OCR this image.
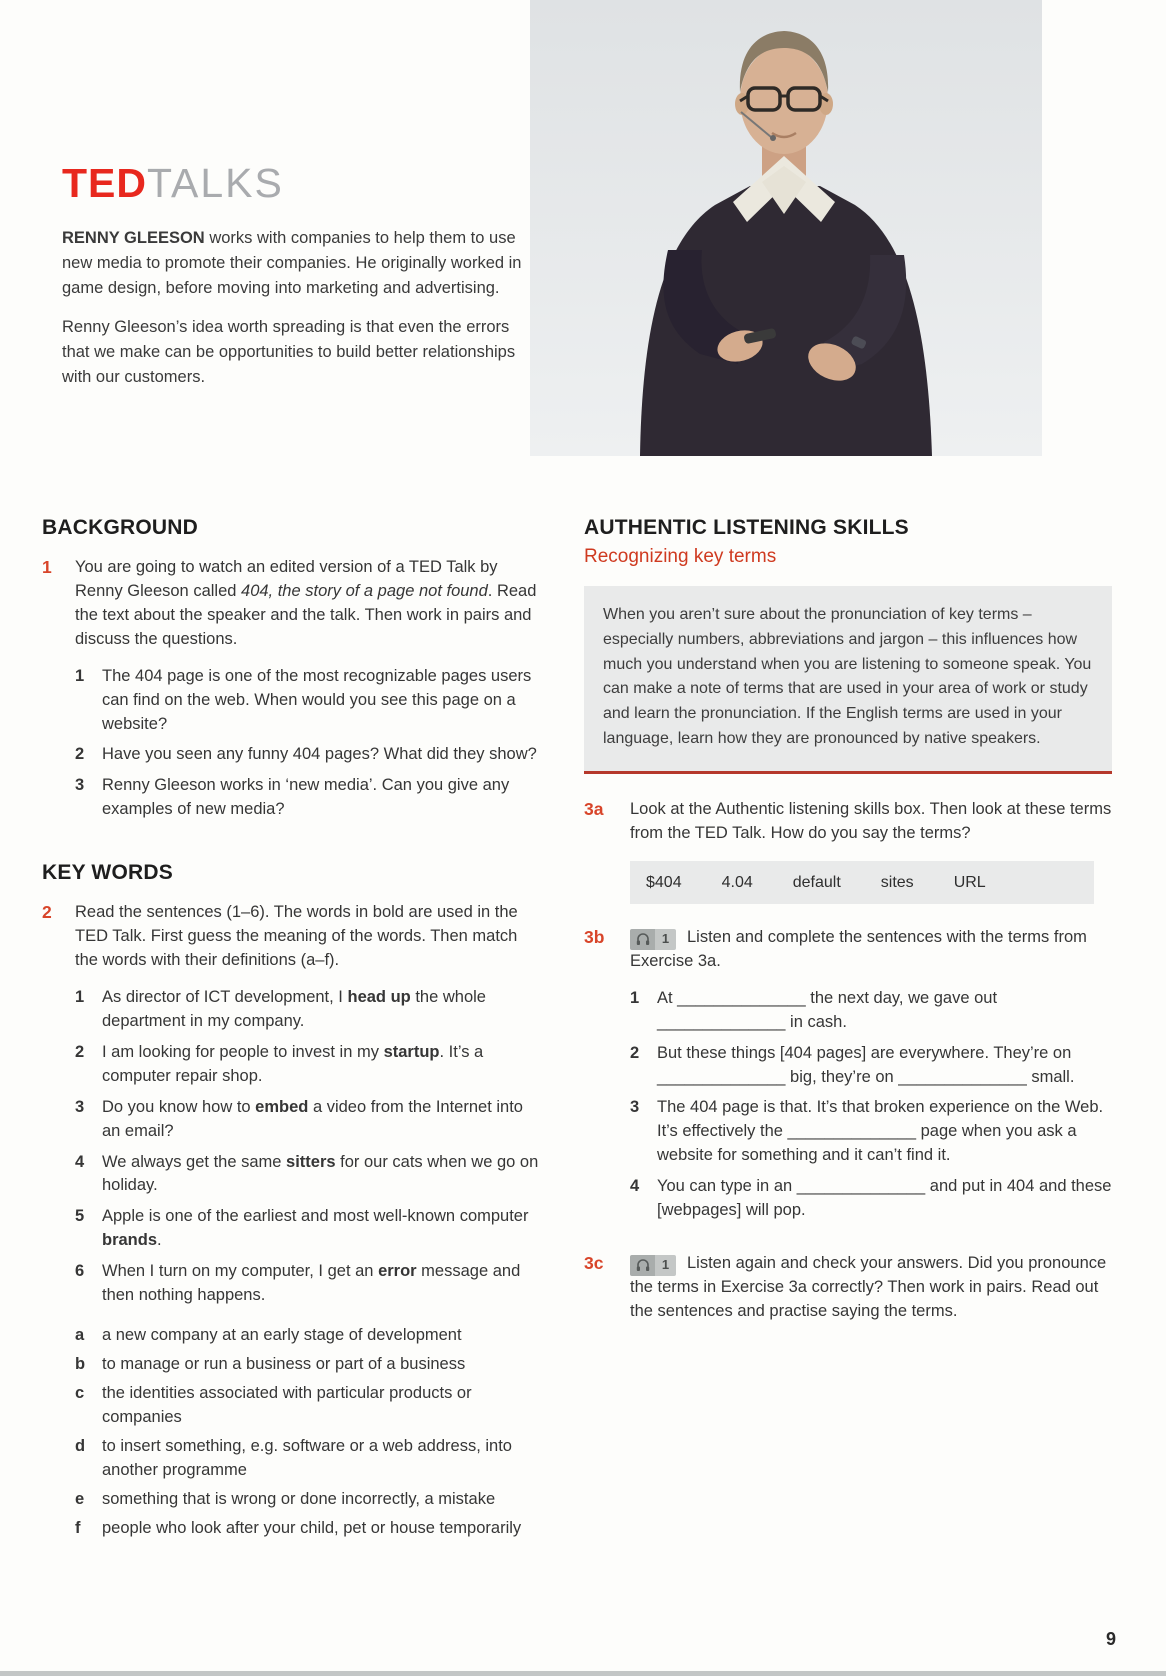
TEDTALKS

RENNY GLEESON works with companies to help them to use new media to promote their companies. He originally worked in game design, before moving into marketing and advertising.

Renny Gleeson’s idea worth spreading is that even the errors that we make can be opportunities to build better relationships with our customers.

BACKGROUND
1	You are going to watch an edited version of a TED Talk by Renny Gleeson called 404, the story of a page not found. Read the text about the speaker and the talk. Then work in pairs and discuss the questions.

1	The 404 page is one of the most recognizable pages users can find on the web. When would you see this page on a website?
2	Have you seen any funny 404 pages? What did they show?
3	Renny Gleeson works in ‘new media’. Can you give any examples of new media?
KEY WORDS
2	Read the sentences (1–6). The words in bold are used in the TED Talk. First guess the meaning of the words. Then match the words with their definitions (a–f).

1	As director of ICT development, I head up the whole department in my company.
2	I am looking for people to invest in my startup. It’s a computer repair shop.
3	Do you know how to embed a video from the Internet into an email?
4	We always get the same sitters for our cats when we go on holiday.
5	Apple is one of the earliest and most well-known computer brands.
6	When I turn on my computer, I get an error message and then nothing happens.
a	a new company at an early stage of development
b	to manage or run a business or part of a business
c	the identities associated with particular products or companies
d	to insert something, e.g. software or a web address, into another programme
e	something that is wrong or done incorrectly, a mistake
f	people who look after your child, pet or house temporarily
AUTHENTIC LISTENING SKILLS
Recognizing key terms
When you aren’t sure about the pronunciation of key terms – especially numbers, abbreviations and jargon – this influences how much you understand when you are listening to someone speak. You can make a note of terms that are used in your area of work or study and learn the pronunciation. If the English terms are used in your language, learn how they are pronounced by native speakers.
3a	Look at the Authentic listening skills box. Then look at these terms from the TED Talk. How do you say the terms?

$404	4.04	default	sites	URL
3b	1	Listen and complete the sentences with the terms from Exercise 3a.

1	At ______________ the next day, we gave out ______________ in cash.
2	But these things [404 pages] are everywhere. They’re on ______________ big, they’re on ______________ small.
3	The 404 page is that. It’s that broken experience on the Web. It’s effectively the ______________ page when you ask a website for something and it can’t find it.
4	You can type in an ______________ and put in 404 and these [webpages] will pop.
3c	1	Listen again and check your answers. Did you pronounce the terms in Exercise 3a correctly? Then work in pairs. Read out the sentences and practise saying the terms.

9
